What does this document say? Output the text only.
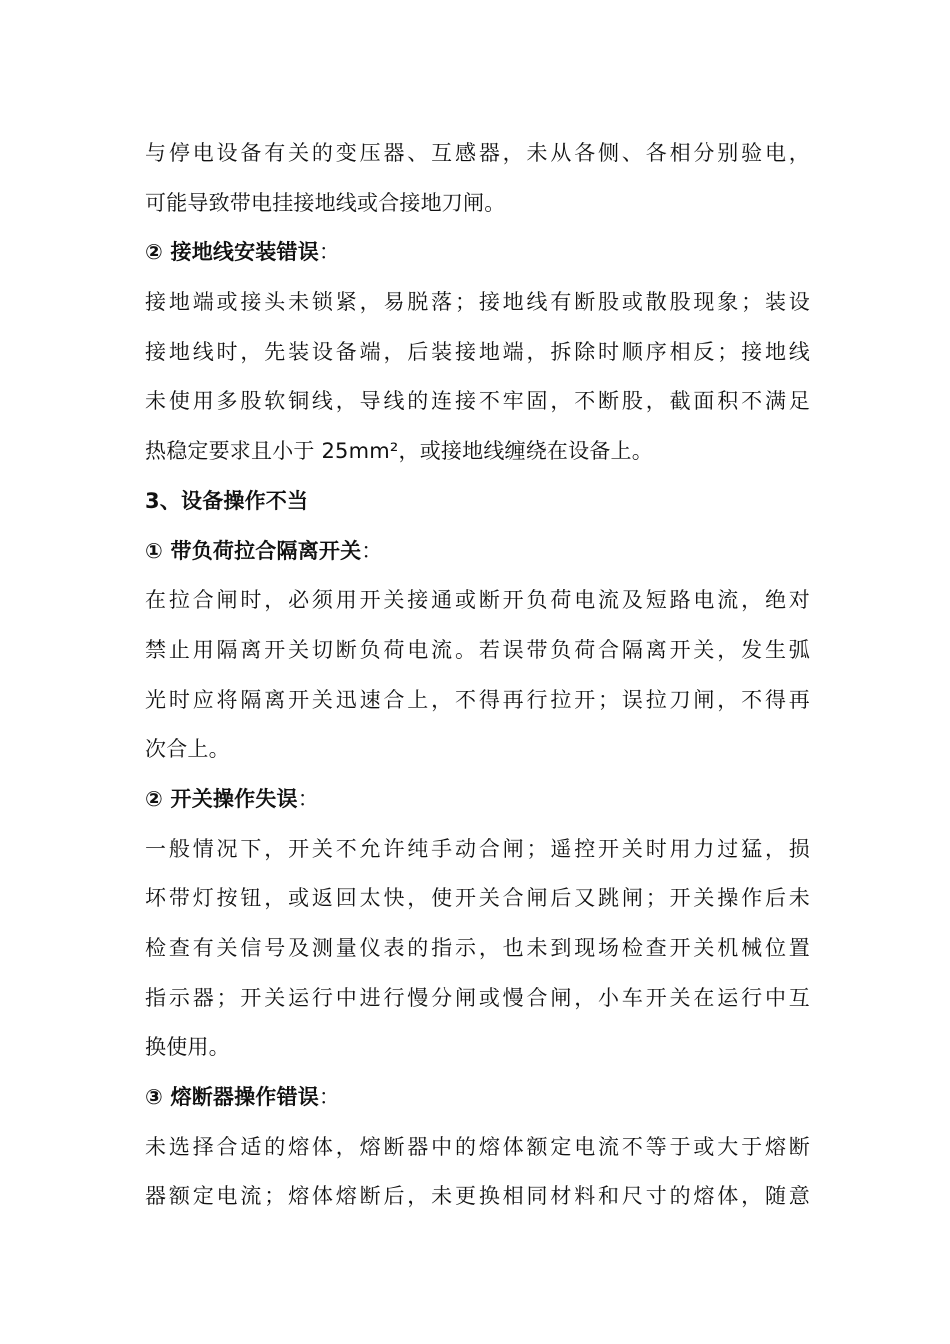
与停电设备有关的变压器、互感器，未从各侧、各相分别验电，
可能导致带电挂接地线或合接地刀闸。
② 接地线安装错误：
接地端或接头未锁紧，易脱落；接地线有断股或散股现象；装设
接地线时，先装设备端，后装接地端，拆除时顺序相反；接地线
未使用多股软铜线，导线的连接不牢固，不断股，截面积不满足
热稳定要求且小于 25mm²，或接地线缠绕在设备上。
3、设备操作不当
① 带负荷拉合隔离开关：
在拉合闸时，必须用开关接通或断开负荷电流及短路电流，绝对
禁止用隔离开关切断负荷电流。若误带负荷合隔离开关，发生弧
光时应将隔离开关迅速合上，不得再行拉开；误拉刀闸，不得再
次合上。
② 开关操作失误：
一般情况下，开关不允许纯手动合闸；遥控开关时用力过猛，损
坏带灯按钮，或返回太快，使开关合闸后又跳闸；开关操作后未
检查有关信号及测量仪表的指示，也未到现场检查开关机械位置
指示器；开关运行中进行慢分闸或慢合闸，小车开关在运行中互
换使用。
③ 熔断器操作错误：
未选择合适的熔体，熔断器中的熔体额定电流不等于或大于熔断
器额定电流；熔体熔断后，未更换相同材料和尺寸的熔体，随意
